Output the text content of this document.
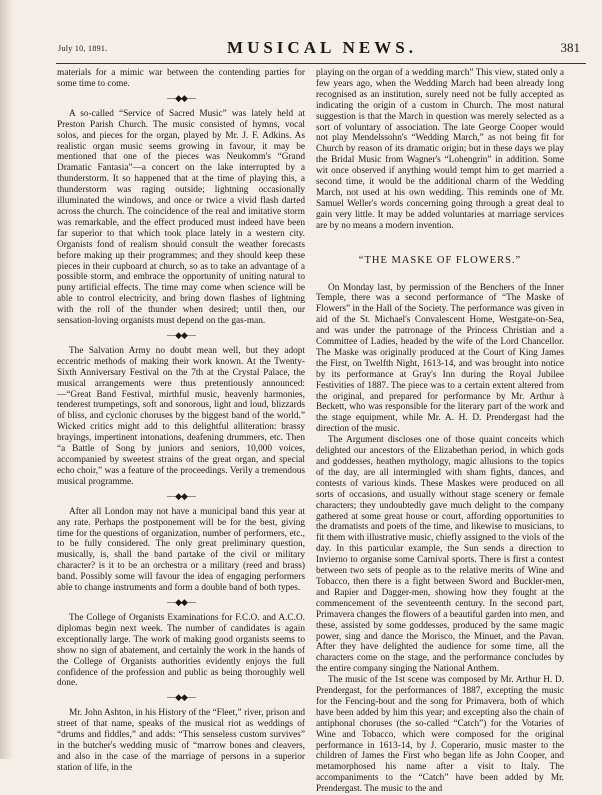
July 10, 1891.	MUSICAL NEWS.	381

materials for a mimic war between the contending parties for some time to come.

—◆◆—

A so-called “Service of Sacred Music” was lately held at Preston Parish Church. The music consisted of hymns, vocal solos, and pieces for the organ, played by Mr. J. F. Adkins. As realistic organ music seems growing in favour, it may be mentioned that one of the pieces was Neukomm's “Grand Dramatic Fantasia”—a concert on the lake interrupted by a thunderstorm. It so happened that at the time of playing this, a thunderstorm was raging outside; lightning occasionally illuminated the windows, and once or twice a vivid flash darted across the church. The coincidence of the real and imitative storm was remarkable, and the effect produced must indeed have been far superior to that which took place lately in a western city. Organists fond of realism should consult the weather forecasts before making up their programmes; and they should keep these pieces in their cupboard at church, so as to take an advantage of a possible storm, and embrace the opportunity of uniting natural to puny artificial effects. The time may come when science will be able to control electricity, and bring down flashes of lightning with the roll of the thunder when desired; until then, our sensation-loving organists must depend on the gas-man.

—◆◆—

The Salvation Army no doubt mean well, but they adopt eccentric methods of making their work known. At the Twenty-Sixth Anniversary Festival on the 7th at the Crystal Palace, the musical arrangements were thus pretentiously announced:—“Great Band Festival, mirthful music, heavenly harmonies, tenderest trumpetings, soft and sonorous, light and loud, blizzards of bliss, and cyclonic choruses by the biggest band of the world.” Wicked critics might add to this delightful alliteration: brassy brayings, impertinent intonations, deafening drummers, etc. Then “a Battle of Song by juniors and seniors, 10,000 voices, accompanied by sweetest strains of the great organ, and special echo choir,” was a feature of the proceedings. Verily a tremendous musical programme.

—◆◆—

After all London may not have a municipal band this year at any rate. Perhaps the postponement will be for the best, giving time for the questions of organization, number of performers, etc., to be fully considered. The only great preliminary question, musically, is, shall the band partake of the civil or military character? is it to be an orchestra or a military (reed and brass) band. Possibly some will favour the idea of engaging performers able to change instruments and form a double band of both types.

—◆◆—

The College of Organists Examinations for F.C.O. and A.C.O. diplomas begin next week. The number of candidates is again exceptionally large. The work of making good organists seems to show no sign of abatement, and certainly the work in the hands of the College of Organists authorities evidently enjoys the full confidence of the profession and public as being thoroughly well done.

—◆◆—

Mr. John Ashton, in his History of the “Fleet,” river, prison and street of that name, speaks of the musical riot as weddings of “drums and fiddles,” and adds: “This senseless custom survives” in the butcher's wedding music of “marrow bones and cleavers, and also in the case of the marriage of persons in a superior station of life, in the

playing on the organ of a wedding march” This view, stated only a few years ago, when the Wedding March had been already long recognised as an institution, surely need not be fully accepted as indicating the origin of a custom in Church. The most natural suggestion is that the March in question was merely selected as a sort of voluntary of association. The late George Cooper would not play Mendelssohn's “Wedding March,” as not being fit for Church by reason of its dramatic origin; but in these days we play the Bridal Music from Wagner's “Lohengrin” in addition. Some wit once observed if anything would tempt him to get married a second time, it would be the additional charm of the Wedding March, not used at his own wedding. This reminds one of Mr. Samuel Weller's words concerning going through a great deal to gain very little. It may be added voluntaries at marriage services are by no means a modern invention.

“THE MASKE OF FLOWERS.”

On Monday last, by permission of the Benchers of the Inner Temple, there was a second performance of “The Maske of Flowers” in the Hall of the Society. The performance was given in aid of the St. Michael's Convalescent Home, Westgate-on-Sea, and was under the patronage of the Princess Christian and a Committee of Ladies, headed by the wife of the Lord Chancellor. The Maske was originally produced at the Court of King James the First, on Twelfth Night, 1613-14, and was brought into notice by its performance at Gray's Inn during the Royal Jubilee Festivities of 1887. The piece was to a certain extent altered from the original, and prepared for performance by Mr. Arthur à Beckett, who was responsible for the literary part of the work and the stage equipment, while Mr. A. H. D. Prendergast had the direction of the music.

The Argument discloses one of those quaint conceits which delighted our ancestors of the Elizabethan period, in which gods and goddesses, heathen mythology, magic allusions to the topics of the day, are all intermingled with sham fights, dances, and contests of various kinds. These Maskes were produced on all sorts of occasions, and usually without stage scenery or female characters; they undoubtedly gave much delight to the company gathered at some great house or court, affording opportunities to the dramatists and poets of the time, and likewise to musicians, to fit them with illustrative music, chiefly assigned to the viols of the day. In this particular example, the Sun sends a direction to Invierno to organise some Carnival sports. There is first a contest between two sets of people as to the relative merits of Wine and Tobacco, then there is a fight between Sword and Buckler-men, and Rapier and Dagger-men, showing how they fought at the commencement of the seventeenth century. In the second part, Primavera changes the flowers of a beautiful garden into men, and these, assisted by some goddesses, produced by the same magic power, sing and dance the Morisco, the Minuet, and the Pavan. After they have delighted the audience for some time, all the characters come on the stage, and the performance concludes by the entire company singing the National Anthem.

The music of the 1st scene was composed by Mr. Arthur H. D. Prendergast, for the performances of 1887, excepting the music for the Fencing-bout and the song for Primavera, both of which have been added by him this year; and excepting also the chain of antiphonal choruses (the so-called “Catch”) for the Votaries of Wine and Tobacco, which were composed for the original performance in 1613-14, by J. Coperario, music master to the children of James the First who began life as John Cooper, and metamorphosed his name after a visit to Italy. The accompaniments to the “Catch” have been added by Mr. Prendergast. The music to the and
